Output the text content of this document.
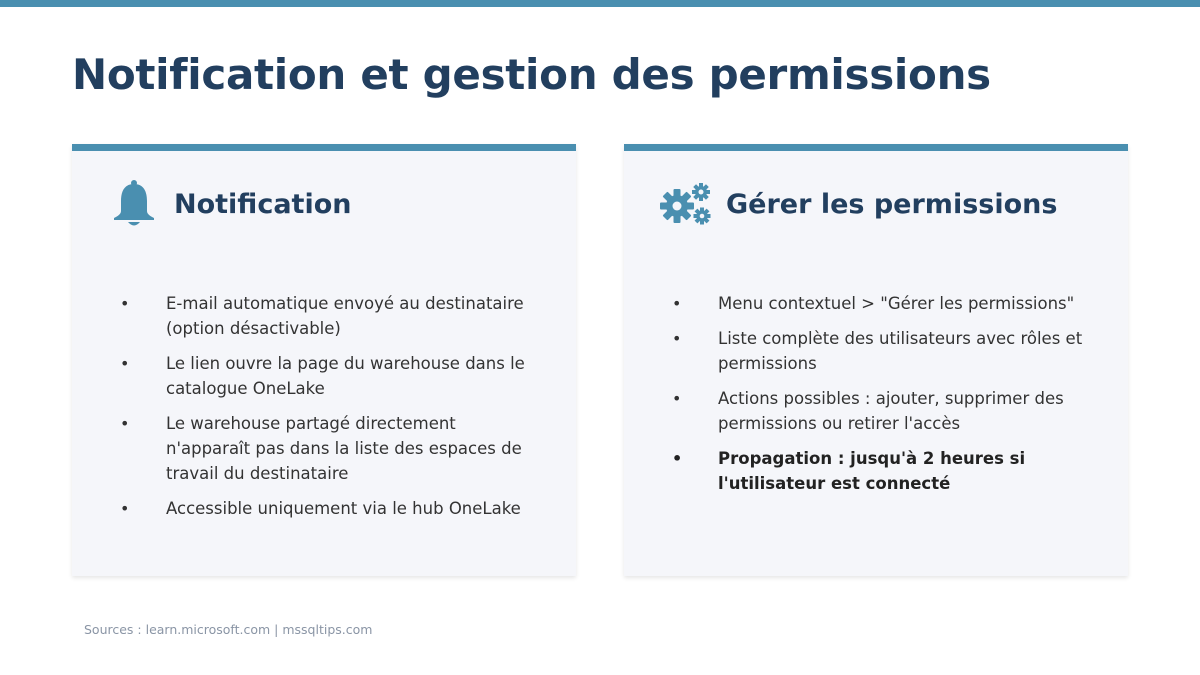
Notification et gestion des permissions
Notification
• E-mail automatique envoyé au destinataire (option désactivable)
• Le lien ouvre la page du warehouse dans le catalogue OneLake
• Le warehouse partagé directement n'apparaît pas dans la liste des espaces de travail du destinataire
• Accessible uniquement via le hub OneLake
Gérer les permissions
• Menu contextuel > "Gérer les permissions"
• Liste complète des utilisateurs avec rôles et permissions
• Actions possibles : ajouter, supprimer des permissions ou retirer l'accès
• Propagation : jusqu'à 2 heures si l'utilisateur est connecté
Sources : learn.microsoft.com | mssqltips.com
